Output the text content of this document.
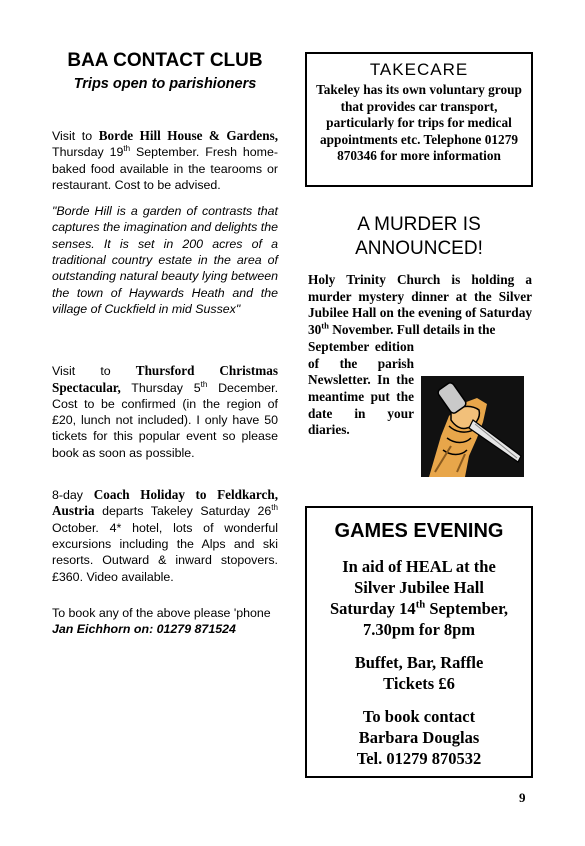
BAA CONTACT CLUB

Trips open to parishioners

Visit to Borde Hill House & Gardens, Thursday 19th September. Fresh home-baked food available in the tearooms or restaurant. Cost to be advised.

"Borde Hill is a garden of contrasts that captures the imagination and delights the senses. It is set in 200 acres of a traditional country estate in the area of outstanding natural beauty lying between the town of Haywards Heath and the village of Cuckfield in mid Sussex"

Visit to Thursford Christmas Spectacular, Thursday 5th December. Cost to be confirmed (in the region of £20, lunch not included). I only have 50 tickets for this popular event so please book as soon as possible.

8-day Coach Holiday to Feldkarch, Austria departs Takeley Saturday 26th October. 4* hotel, lots of wonderful excursions including the Alps and ski resorts. Outward & inward stopovers. £360. Video available.

To book any of the above please 'phone Jan Eichhorn on: 01279 871524

TAKECARE
Takeley has its own voluntary group that provides car transport, particularly for trips for medical appointments etc. Telephone 01279 870346 for more information
A MURDER IS
ANNOUNCED!
Holy Trinity Church is holding a murder mystery dinner at the Silver Jubilee Hall on the evening of Saturday 30th November. Full details in the
September edition of the parish Newsletter. In the meantime put the date in your diaries.
GAMES EVENING

In aid of HEAL at the

Silver Jubilee Hall

Saturday 14th September,

7.30pm for 8pm

Buffet, Bar, Raffle

Tickets £6

To book contact

Barbara Douglas

Tel. 01279 870532

9
